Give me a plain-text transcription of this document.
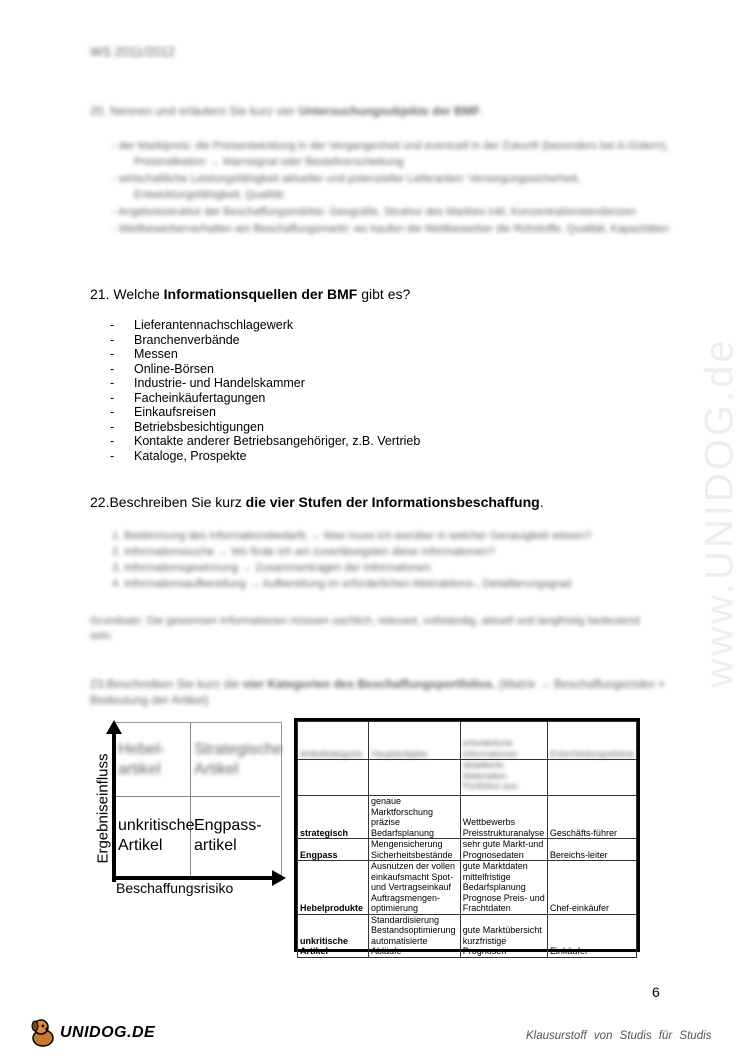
www.UNIDOG.de
WS 2011/2012
20. Nennen und erläutern Sie kurz vier Untersuchungsobjekte der BMF.
- der Marktpreis: die Preisentwicklung in der Vergangenheit und eventuell in der Zukunft (besonders bei A-Gütern), Preisindikation → Warnsignal oder Bestellverschiebung
- wirtschaftliche Leistungsfähigkeit aktueller und potenzieller Lieferanten: Versorgungssicherheit, Entwicklungsfähigkeit, Qualität
- Angebotsstruktur der Beschaffungsmärkte: Geografie, Struktur des Marktes inkl. Konzentrationstendenzen
- Wettbewerberverhalten am Beschaffungsmarkt: wo kaufen die Wettbewerber die Rohstoffe, Qualität, Kapazitäten
21. Welche Informationsquellen der BMF gibt es?
- Lieferantennachschlagewerk
- Branchenverbände
- Messen
- Online-Börsen
- Industrie- und Handelskammer
- Facheinkäufertagungen
- Einkaufsreisen
- Betriebsbesichtigungen
- Kontakte anderer Betriebsangehöriger, z.B. Vertrieb
- Kataloge, Prospekte
22.Beschreiben Sie kurz die vier Stufen der Informationsbeschaffung.
1. Bestimmung des Informationsbedarfs → Was muss ich worüber in welcher Genauigkeit wissen?
2. Informationssuche → Wo finde ich am zuverlässigsten diese Informationen?
3. Informationsgewinnung → Zusammentragen der Informationen
4. Informationsaufbereitung → Aufbereitung im erforderlichen Abstraktions-, Detaillierungsgrad
Grundsatz: Die gewonnen Informationen müssen sachlich, relevant, vollständig, aktuell und langfristig bedeutend sein.
23.Beschreiben Sie kurz die vier Kategorien des Beschaffungsportfolios. (Matrix → Beschaffungsrisiko × Bedeutung der Artikel)
Hebel-
artikel
Strategische
Artikel
unkritische
Artikel
Engpass-
artikel
Ergebniseinfluss
Beschaffungsrisiko
Artikelkategorie	Hauptaufgabe	erforderliche Informationen	Entscheidungsebene
		detaillierte Materialien Portfolios aus	
strategisch	genaue Marktforschung präzise Bedarfsplanung	Wettbewerbs Preisstrukturanalyse	Geschäfts-führer
Engpass	Mengensicherung Sicherheitsbestände	sehr gute Markt-und Prognosedaten	Bereichs-leiter
Hebelprodukte	Ausnutzen der vollen einkaufsmacht Spot-und Vertragseinkauf Auftragsmengen-optimierung	gute Marktdaten mittelfristige Bedarfsplanung Prognose Preis- und Frachtdaten	Chef-einkäufer
unkritische Artikel	Standardisierung Bestandsoptimierung automatisierte Abläufe	gute Marktübersicht kurzfristige Prognosen	Einkäufer
6
UNIDOG.DE	Klausurstoff von Studis für Studis
